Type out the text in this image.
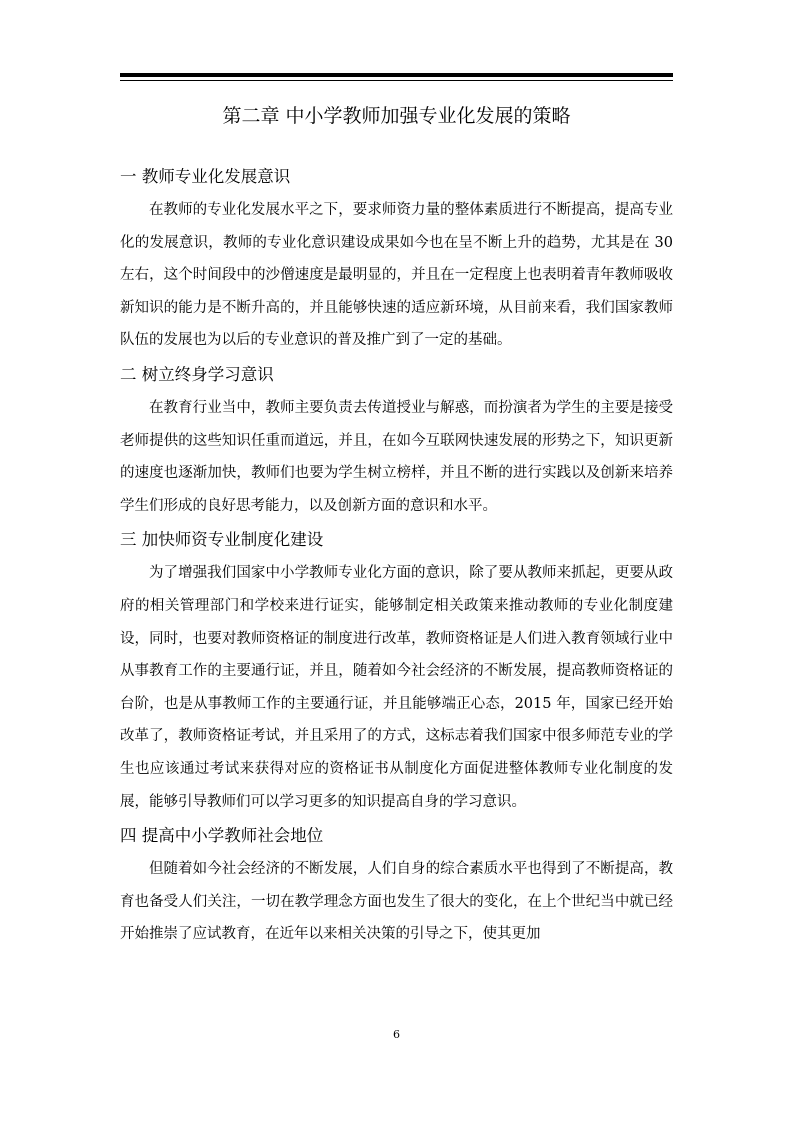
第二章 中小学教师加强专业化发展的策略
一 教师专业化发展意识

在教师的专业化发展水平之下，要求师资力量的整体素质进行不断提高，提高专业化的发展意识，教师的专业化意识建设成果如今也在呈不断上升的趋势，尤其是在 30 左右，这个时间段中的沙僧速度是最明显的，并且在一定程度上也表明着青年教师吸收新知识的能力是不断升高的，并且能够快速的适应新环境，从目前来看，我们国家教师队伍的发展也为以后的专业意识的普及推广到了一定的基础。

二 树立终身学习意识

在教育行业当中，教师主要负责去传道授业与解惑，而扮演者为学生的主要是接受老师提供的这些知识任重而道远，并且，在如今互联网快速发展的形势之下，知识更新的速度也逐渐加快，教师们也要为学生树立榜样，并且不断的进行实践以及创新来培养学生们形成的良好思考能力，以及创新方面的意识和水平。

三 加快师资专业制度化建设

为了增强我们国家中小学教师专业化方面的意识，除了要从教师来抓起，更要从政府的相关管理部门和学校来进行证实，能够制定相关政策来推动教师的专业化制度建设，同时，也要对教师资格证的制度进行改革，教师资格证是人们进入教育领域行业中从事教育工作的主要通行证，并且，随着如今社会经济的不断发展，提高教师资格证的台阶，也是从事教师工作的主要通行证，并且能够端正心态，2015 年，国家已经开始改革了，教师资格证考试，并且采用了的方式，这标志着我们国家中很多师范专业的学生也应该通过考试来获得对应的资格证书从制度化方面促进整体教师专业化制度的发展，能够引导教师们可以学习更多的知识提高自身的学习意识。

四 提高中小学教师社会地位

但随着如今社会经济的不断发展，人们自身的综合素质水平也得到了不断提高，教育也备受人们关注，一切在教学理念方面也发生了很大的变化，在上个世纪当中就已经开始推崇了应试教育，在近年以来相关决策的引导之下，使其更加

6
